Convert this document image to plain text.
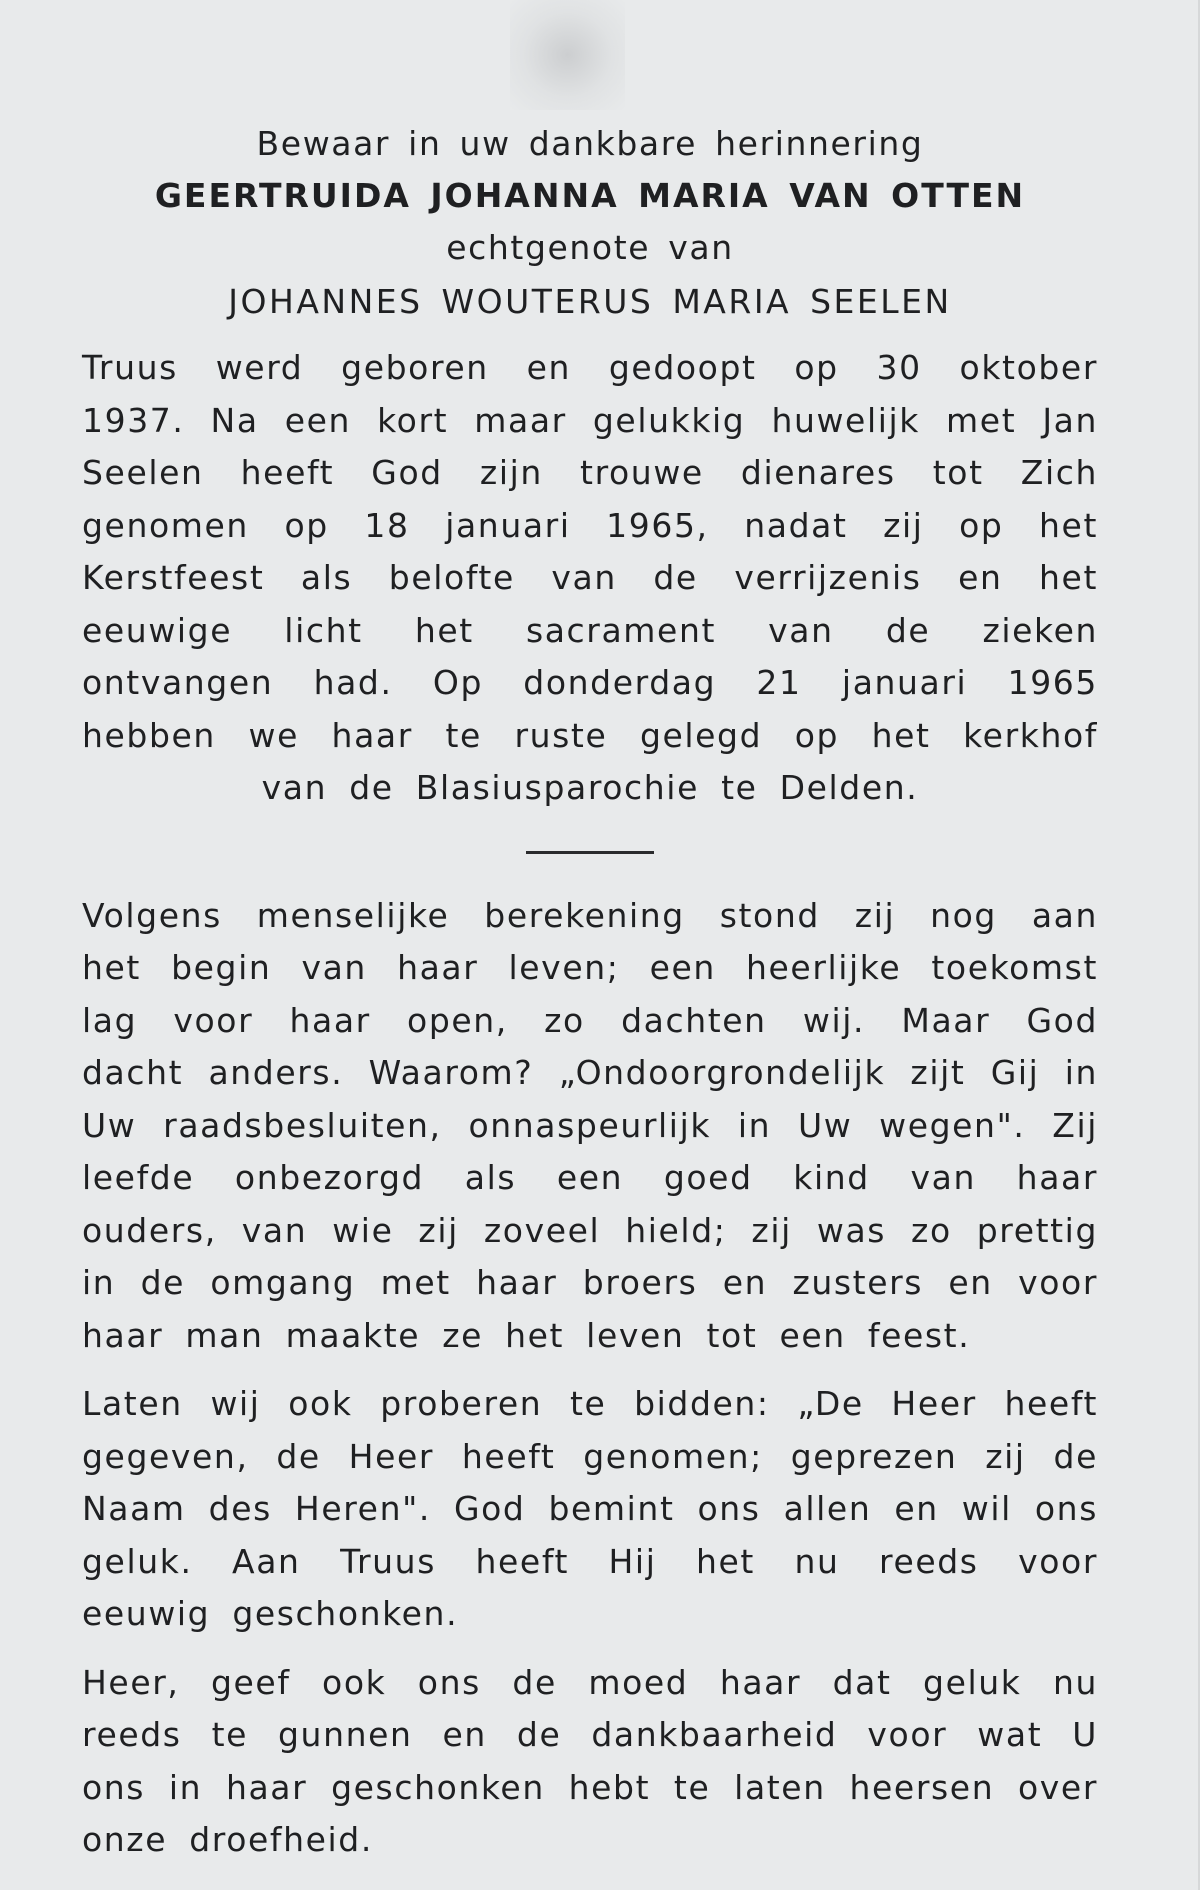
Bewaar in uw dankbare herinnering

GEERTRUIDA JOHANNA MARIA VAN OTTEN

echtgenote van

JOHANNES WOUTERUS MARIA SEELEN

Truus werd geboren en gedoopt op 30 oktober 1937. Na een kort maar gelukkig huwelijk met Jan Seelen heeft God zijn trouwe dienares tot Zich genomen op 18 januari 1965, nadat zij op het Kerstfeest als belofte van de verrijzenis en het eeuwige licht het sacrament van de zieken ontvangen had. Op donderdag 21 januari 1965 hebben we haar te ruste gelegd op het kerkhof van de Blasiusparochie te Delden.

Volgens menselijke berekening stond zij nog aan het begin van haar leven; een heerlijke toekomst lag voor haar open, zo dachten wij. Maar God dacht anders. Waarom? „Ondoorgrondelijk zijt Gij in Uw raadsbesluiten, onnaspeurlijk in Uw wegen". Zij leefde onbezorgd als een goed kind van haar ouders, van wie zij zoveel hield; zij was zo prettig in de omgang met haar broers en zusters en voor haar man maakte ze het leven tot een feest.

Laten wij ook proberen te bidden: „De Heer heeft gegeven, de Heer heeft genomen; geprezen zij de Naam des Heren". God bemint ons allen en wil ons geluk. Aan Truus heeft Hij het nu reeds voor eeuwig geschonken.

Heer, geef ook ons de moed haar dat geluk nu reeds te gunnen en de dankbaarheid voor wat U ons in haar geschonken hebt te laten heersen over onze droefheid.
